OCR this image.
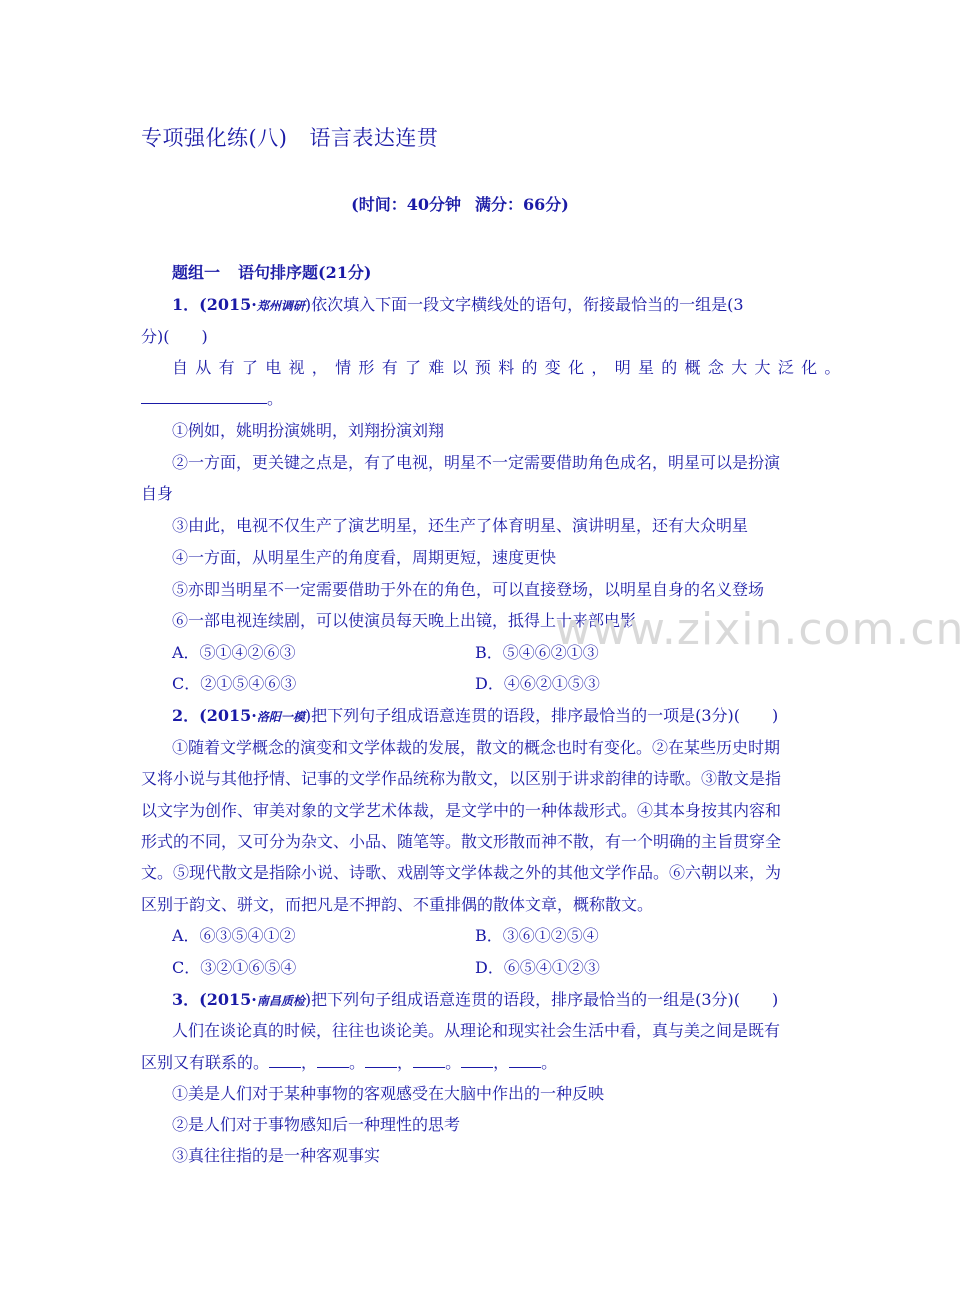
专项强化练(八) 语言表达连贯
(时间：40分钟 满分：66分)
题组一 语句排序题(21分)
1．(2015·郑州调研)依次填入下面一段文字横线处的语句，衔接最恰当的一组是(3
分)(　　)
自从有了电视，情形有了难以预料的变化，明星的概念大大泛化。
。
①例如，姚明扮演姚明，刘翔扮演刘翔
②一方面，更关键之点是，有了电视，明星不一定需要借助角色成名，明星可以是扮演
自身
③由此，电视不仅生产了演艺明星，还生产了体育明星、演讲明星，还有大众明星
④一方面，从明星生产的角度看，周期更短，速度更快
⑤亦即当明星不一定需要借助于外在的角色，可以直接登场，以明星自身的名义登场
⑥一部电视连续剧，可以使演员每天晚上出镜，抵得上十来部电影
A．⑤①④②⑥③	B．⑤④⑥②①③
C．②①⑤④⑥③	D．④⑥②①⑤③
2．(2015·洛阳一模)把下列句子组成语意连贯的语段，排序最恰当的一项是(3分)(　　)
①随着文学概念的演变和文学体裁的发展，散文的概念也时有变化。②在某些历史时期
又将小说与其他抒情、记事的文学作品统称为散文，以区别于讲求韵律的诗歌。③散文是指
以文字为创作、审美对象的文学艺术体裁，是文学中的一种体裁形式。④其本身按其内容和
形式的不同，又可分为杂文、小品、随笔等。散文形散而神不散，有一个明确的主旨贯穿全
文。⑤现代散文是指除小说、诗歌、戏剧等文学体裁之外的其他文学作品。⑥六朝以来，为
区别于韵文、骈文，而把凡是不押韵、不重排偶的散体文章，概称散文。
A．⑥③⑤④①②	B．③⑥①②⑤④
C．③②①⑥⑤④	D．⑥⑤④①②③
3．(2015·南昌质检)把下列句子组成语意连贯的语段，排序最恰当的一组是(3分)(　　)
人们在谈论真的时候，往往也谈论美。从理论和现实社会生活中看，真与美之间是既有
区别又有联系的。 ， 。 ， 。 ， 。
①美是人们对于某种事物的客观感受在大脑中作出的一种反映
②是人们对于事物感知后一种理性的思考
③真往往指的是一种客观事实
www.zixin.com.cn
